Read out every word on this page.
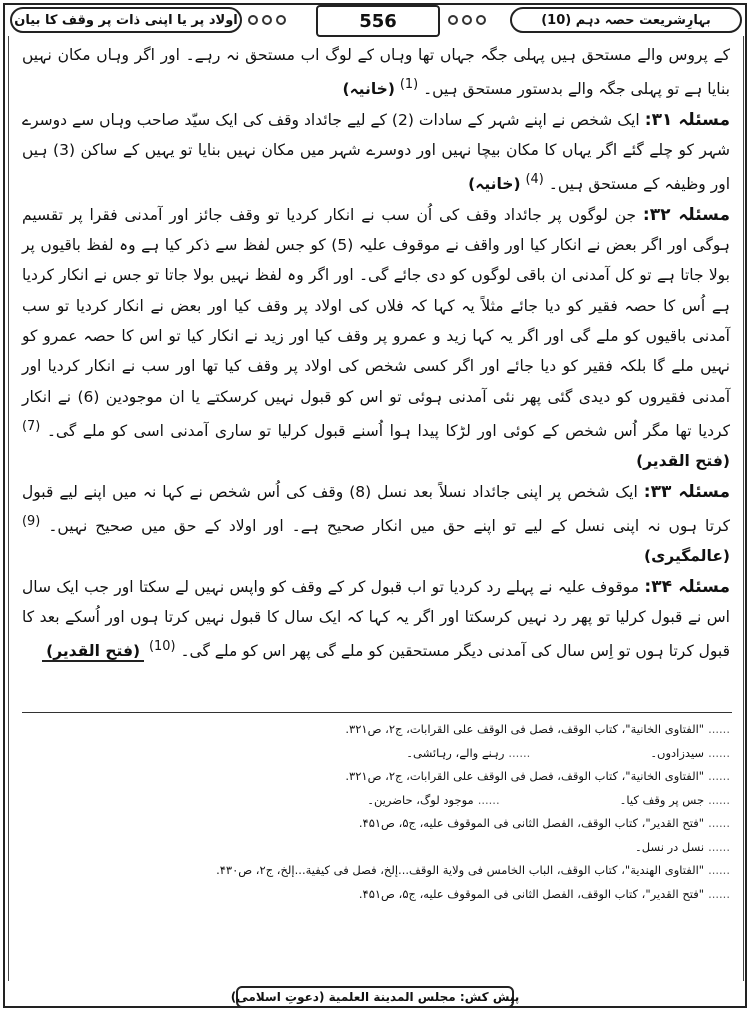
بہارِشریعت حصہ دہم (10)
556
اولاد پر یا اپنی ذات پر وقف کا بیان

کے پروس والے مستحق ہیں پہلی جگہ جہاں تھا وہاں کے لوگ اب مستحق نہ رہے۔ اور اگر وہاں مکان نہیں بنایا ہے تو پہلی جگہ والے بدستور مستحق ہیں۔ $^{(1)}$ (خانیہ)

مسئلہ ۳۱: ایک شخص نے اپنے شہر کے سادات (2) کے لیے جائداد وقف کی ایک سیّد صاحب وہاں سے دوسرے شہر کو چلے گئے اگر یہاں کا مکان بیچا نہیں اور دوسرے شہر میں مکان نہیں بنایا تو یہیں کے ساکن (3) ہیں اور وظیفہ کے مستحق ہیں۔ $^{(4)}$ (خانیہ)

مسئلہ ۳۲: جن لوگوں پر جائداد وقف کی اُن سب نے انکار کردیا تو وقف جائز اور آمدنی فقرا پر تقسیم ہوگی اور اگر بعض نے انکار کیا اور واقف نے موقوف علیہ (5) کو جس لفظ سے ذکر کیا ہے وہ لفظ باقیوں پر بولا جاتا ہے تو کل آمدنی ان باقی لوگوں کو دی جائے گی۔ اور اگر وہ لفظ نہیں بولا جاتا تو جس نے انکار کردیا ہے اُس کا حصہ فقیر کو دیا جائے مثلاً یہ کہا کہ فلاں کی اولاد پر وقف کیا اور بعض نے انکار کردیا تو سب آمدنی باقیوں کو ملے گی اور اگر یہ کہا زید و عمرو پر وقف کیا اور زید نے انکار کیا تو اس کا حصہ عمرو کو نہیں ملے گا بلکہ فقیر کو دیا جائے اور اگر کسی شخص کی اولاد پر وقف کیا تھا اور سب نے انکار کردیا اور آمدنی فقیروں کو دیدی گئی پھر نئی آمدنی ہوئی تو اس کو قبول نہیں کرسکتے یا ان موجودین (6) نے انکار کردیا تھا مگر اُس شخص کے کوئی اور لڑکا پیدا ہوا اُسنے قبول کرلیا تو ساری آمدنی اسی کو ملے گی۔ $^{(7)}$ (فتح القدیر)

مسئلہ ۳۳: ایک شخص پر اپنی جائداد نسلاً بعد نسل (8) وقف کی اُس شخص نے کہا نہ میں اپنے لیے قبول کرتا ہوں نہ اپنی نسل کے لیے تو اپنے حق میں انکار صحیح ہے۔ اور اولاد کے حق میں صحیح نہیں۔ $^{(9)}$ (عالمگیری)

مسئلہ ۳۴: موقوف علیہ نے پہلے رد کردیا تو اب قبول کر کے وقف کو واپس نہیں لے سکتا اور جب ایک سال اس نے قبول کرلیا تو پھر رد نہیں کرسکتا اور اگر یہ کہا کہ ایک سال کا قبول نہیں کرتا ہوں اور اُسکے بعد کا قبول کرتا ہوں تو اِس سال کی آمدنی دیگر مستحقین کو ملے گی پھر اس کو ملے گی۔ $^{(10)}$ (فتح القدیر)

......"الفتاوی الخانیة"، کتاب الوقف، فصل فی الوقف علی القرابات، ج۲، ص۳۲۱.
......سیدزادوں۔......رہنے والے، رہائشی۔
......"الفتاوی الخانیة"، کتاب الوقف، فصل فی الوقف علی القرابات، ج۲، ص۳۲۱.
......جس پر وقف کیا۔......موجود لوگ، حاضرین۔
......"فتح القدیر"، کتاب الوقف، الفصل الثانی فی الموقوف علیه، ج۵، ص۴۵۱.
......نسل در نسل۔
......"الفتاوی الهندیة"، کتاب الوقف، الباب الخامس فی ولایة الوقف...إلخ، فصل فی کیفیة...إلخ، ج۲، ص۴۳۰.
......"فتح القدیر"، کتاب الوقف، الفصل الثانی فی الموقوف علیه، ج۵، ص۴۵۱.
پیش کش:

مجلس المدینة العلمیة

(دعوتِ اسلامی)
